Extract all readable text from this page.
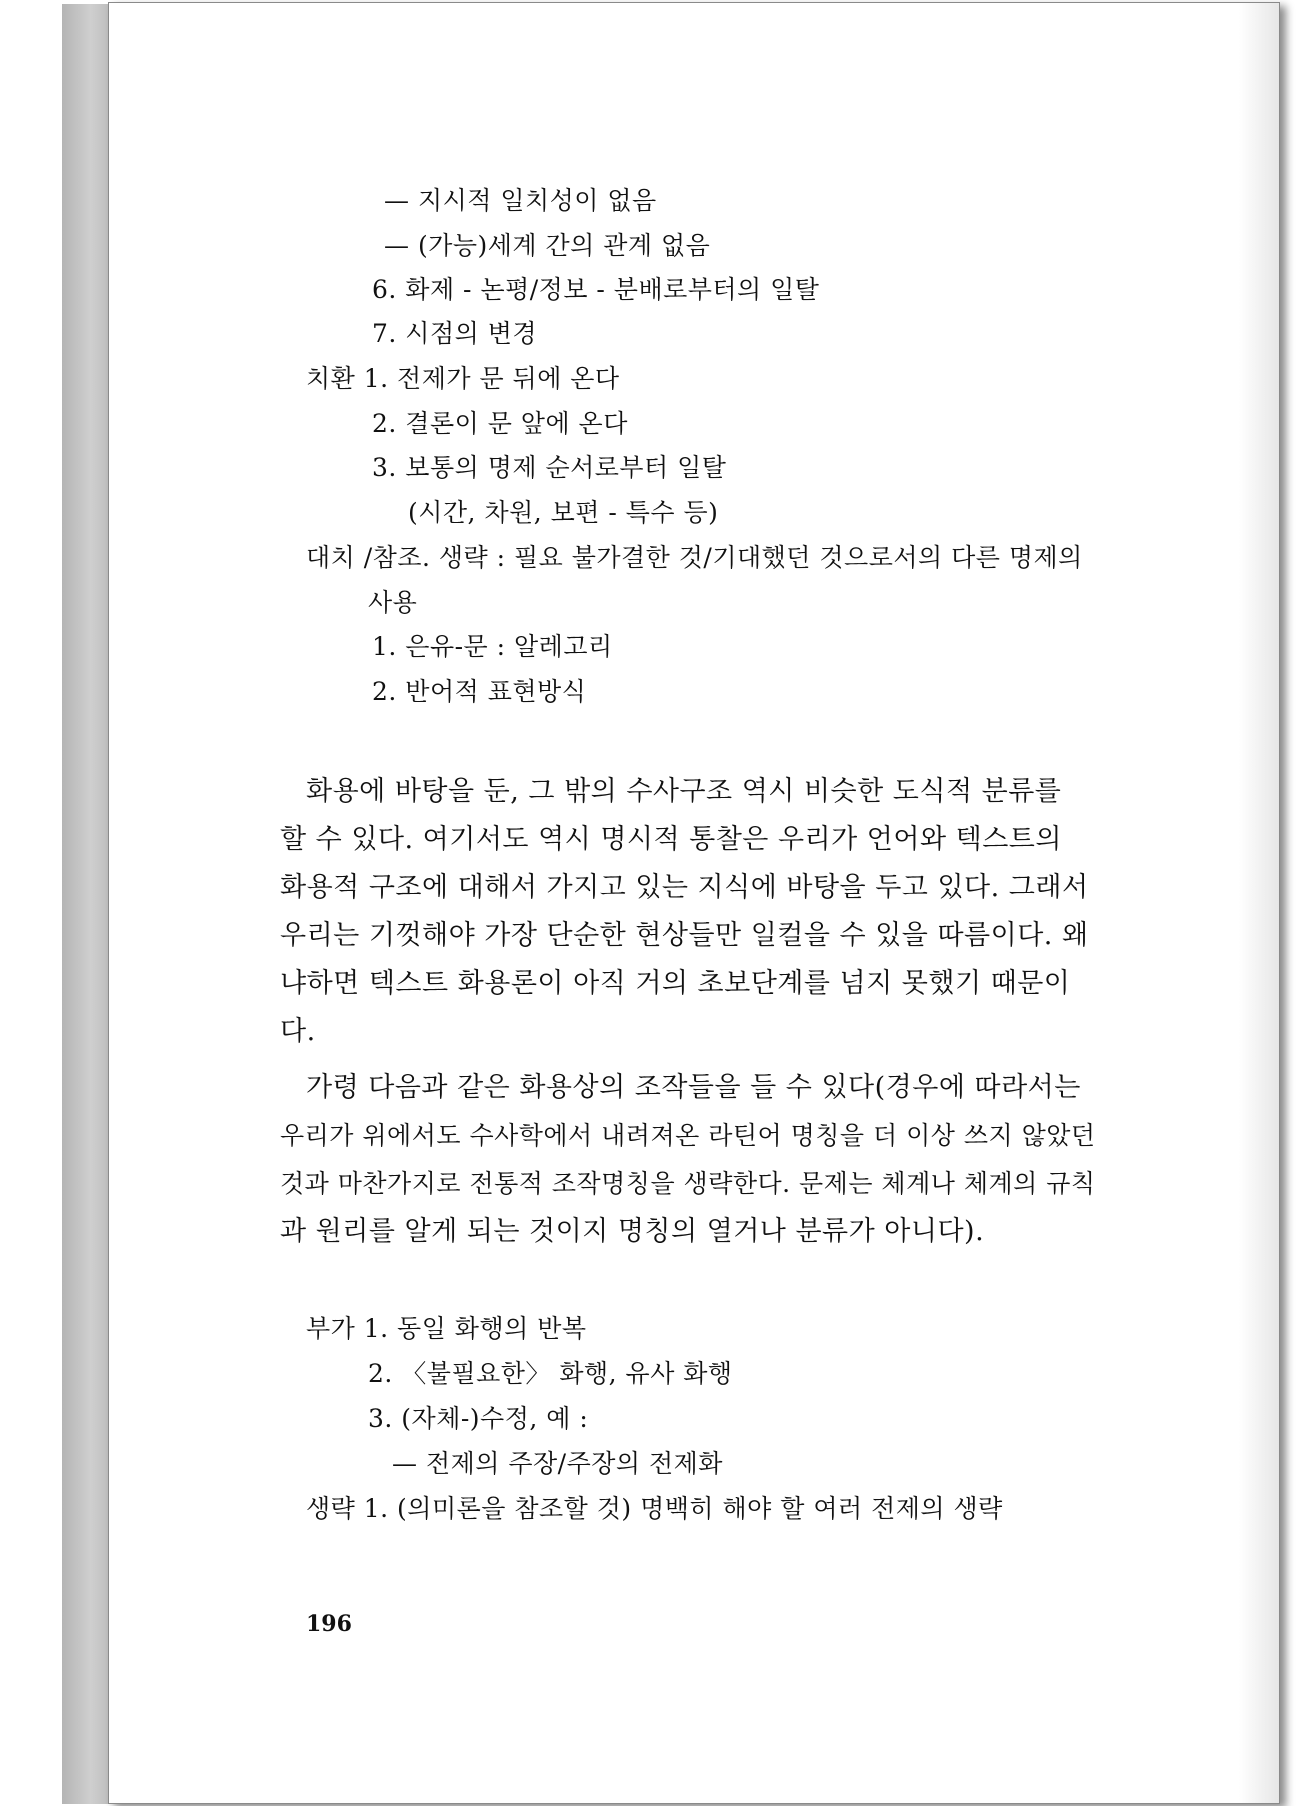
— 지시적 일치성이 없음
— (가능)세계 간의 관계 없음
6. 화제 - 논평/정보 - 분배로부터의 일탈
7. 시점의 변경
치환 1. 전제가 문 뒤에 온다
2. 결론이 문 앞에 온다
3. 보통의 명제 순서로부터 일탈
(시간, 차원, 보편 - 특수 등)
대치 /참조. 생략 : 필요 불가결한 것/기대했던 것으로서의 다른 명제의
사용
1. 은유-문 : 알레고리
2. 반어적 표현방식
화용에 바탕을 둔, 그 밖의 수사구조 역시 비슷한 도식적 분류를
할 수 있다. 여기서도 역시 명시적 통찰은 우리가 언어와 텍스트의
화용적 구조에 대해서 가지고 있는 지식에 바탕을 두고 있다. 그래서
우리는 기껏해야 가장 단순한 현상들만 일컬을 수 있을 따름이다. 왜
냐하면 텍스트 화용론이 아직 거의 초보단계를 넘지 못했기 때문이
다.
가령 다음과 같은 화용상의 조작들을 들 수 있다(경우에 따라서는
우리가 위에서도 수사학에서 내려져온 라틴어 명칭을 더 이상 쓰지 않았던
것과 마찬가지로 전통적 조작명칭을 생략한다. 문제는 체계나 체계의 규칙
과 원리를 알게 되는 것이지 명칭의 열거나 분류가 아니다).
부가 1. 동일 화행의 반복
2. 〈불필요한〉 화행, 유사 화행
3. (자체-)수정, 예 :
— 전제의 주장/주장의 전제화
생략 1. (의미론을 참조할 것) 명백히 해야 할 여러 전제의 생략
196
